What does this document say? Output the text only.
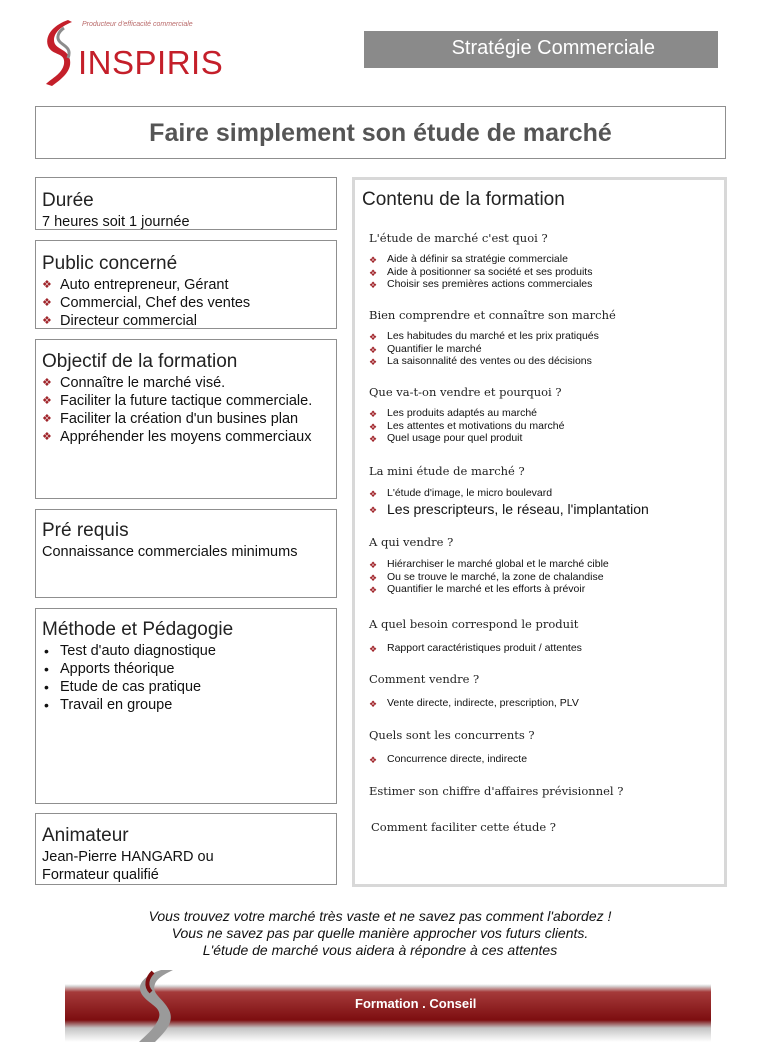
Producteur d'efficacité commerciale
INSPIRIS	Stratégie Commerciale
Faire simplement son étude de marché
Durée

7 heures soit 1 journée

Public concerné
❖ Auto entrepreneur, Gérant
❖ Commercial, Chef des ventes
❖ Directeur commercial
Objectif de la formation
❖ Connaître le marché visé.
❖ Faciliter la future tactique commerciale.
❖ Faciliter la création d'un busines plan
❖ Appréhender les moyens commerciaux
Pré requis

Connaissance commerciales minimums

Méthode et Pédagogie
• Test d'auto diagnostique
• Apports théorique
• Etude de cas pratique
• Travail en groupe
Animateur

Jean-Pierre HANGARD ou

Formateur qualifié

Contenu de la formation
L'étude de marché c'est quoi ?
❖ Aide à définir sa stratégie commerciale
❖ Aide à positionner sa société et ses produits
❖ Choisir ses premières actions commerciales
Bien comprendre et connaître son marché
❖ Les habitudes du marché et les prix pratiqués
❖ Quantifier le marché
❖ La saisonnalité des ventes ou des décisions
Que va-t-on vendre et pourquoi ?
❖ Les produits adaptés au marché
❖ Les attentes et motivations du marché
❖ Quel usage pour quel produit
La mini étude de marché ?
❖ L'étude d'image, le micro boulevard
❖ Les prescripteurs, le réseau, l'implantation
A qui vendre ?
❖ Hiérarchiser le marché global et le marché cible
❖ Ou se trouve le marché, la zone de chalandise
❖ Quantifier le marché et les efforts à prévoir
A quel besoin correspond le produit
❖ Rapport caractéristiques produit / attentes
Comment vendre ?
❖ Vente directe, indirecte, prescription, PLV
Quels sont les concurrents ?
❖ Concurrence directe, indirecte
Estimer son chiffre d'affaires prévisionnel ?
Comment faciliter cette étude ?
Vous trouvez votre marché très vaste et ne savez pas comment l'abordez !
Vous ne savez pas par quelle manière approcher vos futurs clients.
L'étude de marché vous aidera à répondre à ces attentes
Formation . Conseil
